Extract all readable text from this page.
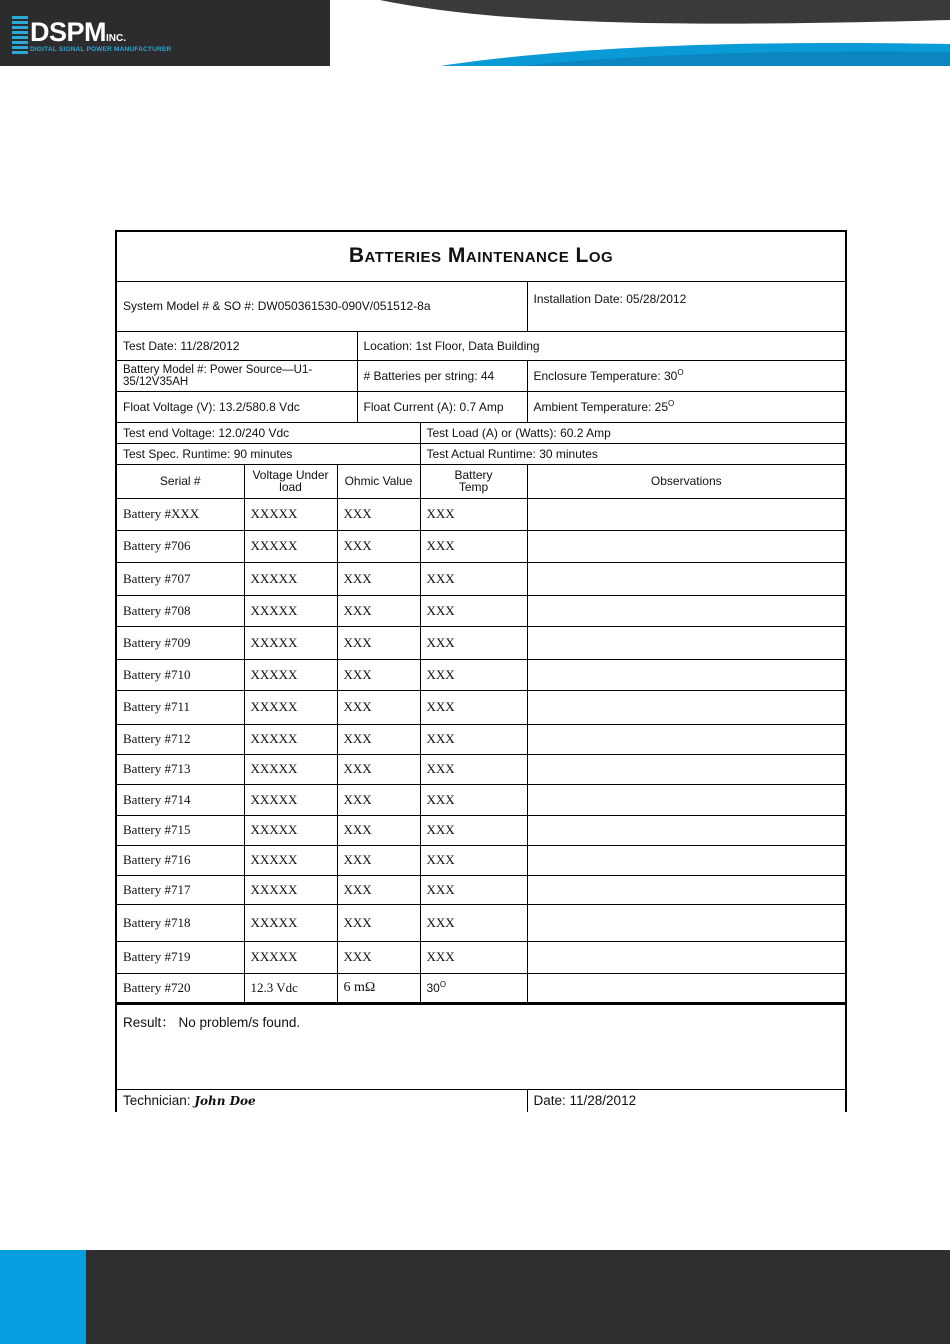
DSPMINC.
DIGITAL SIGNAL POWER MANUFACTURER
Batteries Maintenance Log					
System Model # & SO #: DW050361530-090V/051512-8a					Installation Date: 05/28/2012
Test Date: 11/28/2012			Location: 1st Floor, Data Building		
Battery Model #: Power Source—U1-35/12V35AH			# Batteries per string: 44		Enclosure Temperature: $30^O$
Float Voltage (V): 13.2/580.8 Vdc			Float Current (A): 0.7 Amp		Ambient Temperature: $25^O$
Test end Voltage: 12.0/240 Vdc				Test Load (A) or (Watts): 60.2 Amp	
Test Spec. Runtime: 90 minutes				Test Actual Runtime: 30 minutes	
Serial #	Voltage Under load	Ohmic Value		Battery Temp	Observations
Battery #XXX	XXXXX	XXX		XXX	
Battery #706	XXXXX	XXX		XXX	
Battery #707	XXXXX	XXX		XXX	
Battery #708	XXXXX	XXX		XXX	
Battery #709	XXXXX	XXX		XXX	
Battery #710	XXXXX	XXX		XXX	
Battery #711	XXXXX	XXX		XXX	
Battery #712	XXXXX	XXX		XXX	
Battery #713	XXXXX	XXX		XXX	
Battery #714	XXXXX	XXX		XXX	
Battery #715	XXXXX	XXX		XXX	
Battery #716	XXXXX	XXX		XXX	
Battery #717	XXXXX	XXX		XXX	
Battery #718	XXXXX	XXX		XXX	
Battery #719	XXXXX	XXX		XXX	
Battery #720	12.3 Vdc	6 mΩ		$30^O$	
Result： No problem/s found.					
Technician: John Doe					Date: 11/28/2012
